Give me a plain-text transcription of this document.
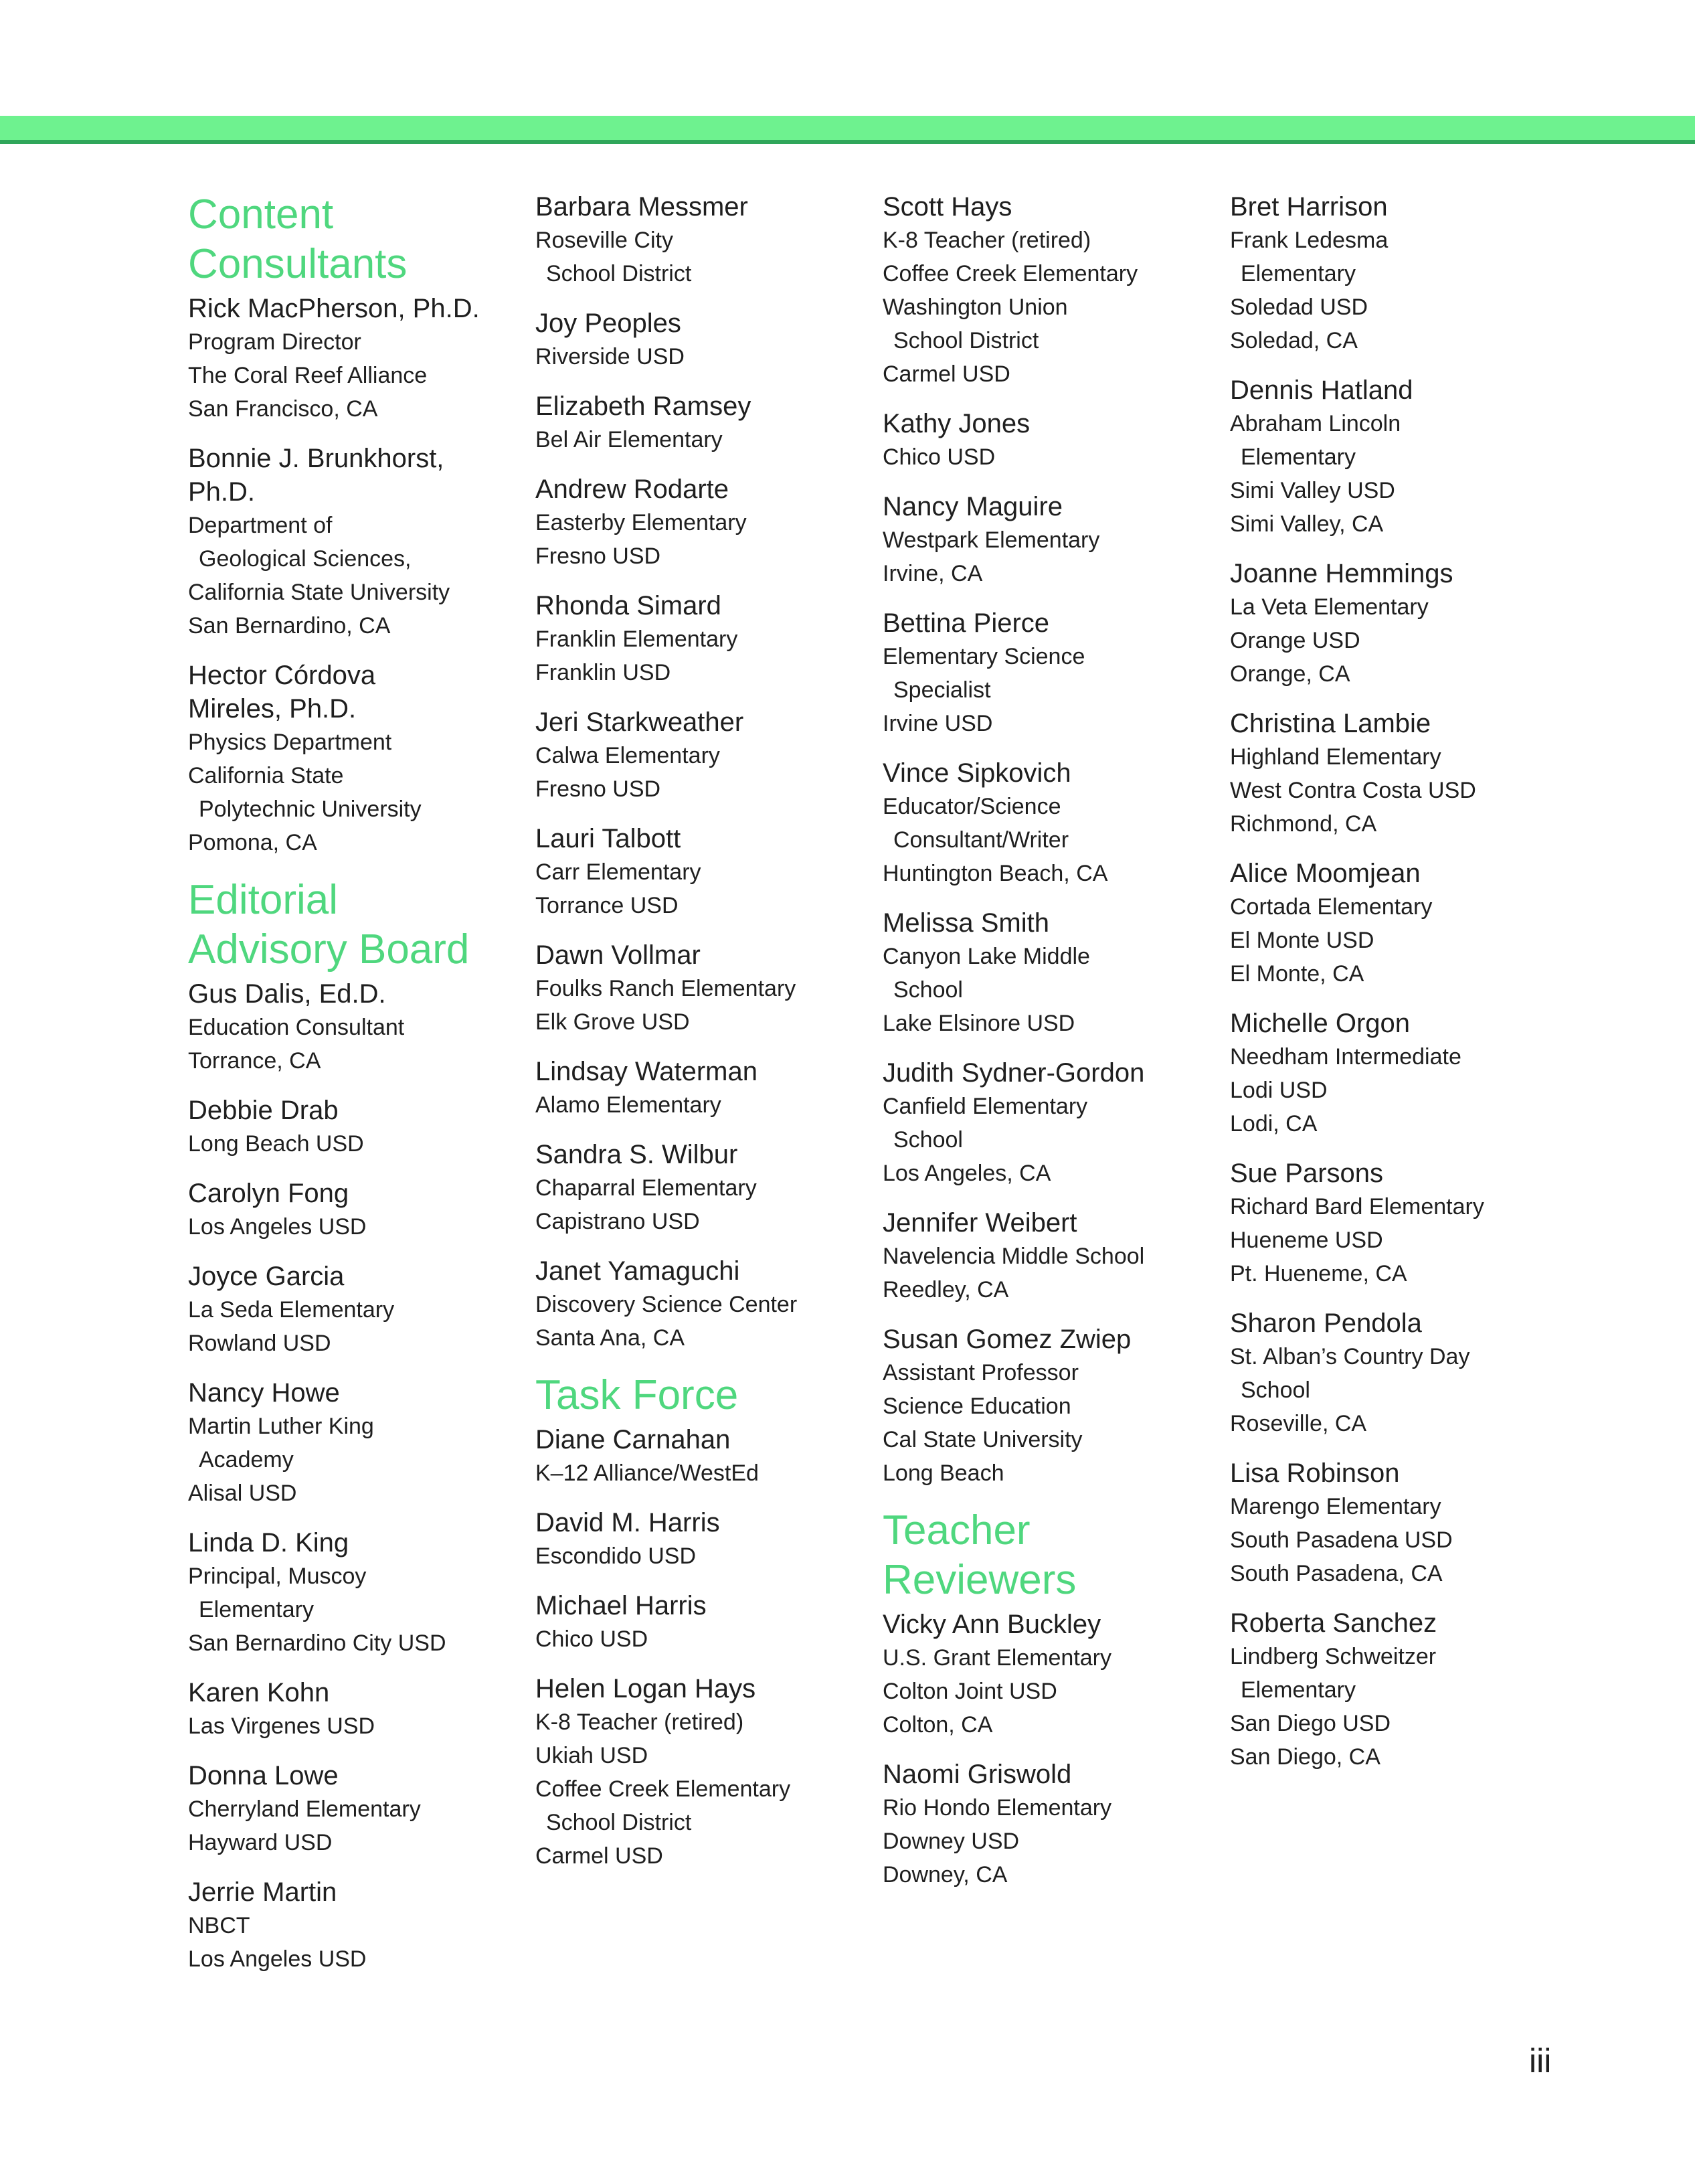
Content
Consultants
Rick MacPherson, Ph.D.
Program Director
The Coral Reef Alliance
San Francisco, CA
Bonnie J. Brunkhorst,
Ph.D.
Department of
Geological Sciences,
California State University
San Bernardino, CA
Hector Córdova
Mireles, Ph.D.
Physics Department
California State
Polytechnic University
Pomona, CA
Editorial
Advisory Board
Gus Dalis, Ed.D.
Education Consultant
Torrance, CA
Debbie Drab
Long Beach USD
Carolyn Fong
Los Angeles USD
Joyce Garcia
La Seda Elementary
Rowland USD
Nancy Howe
Martin Luther King
Academy
Alisal USD
Linda D. King
Principal, Muscoy
Elementary
San Bernardino City USD
Karen Kohn
Las Virgenes USD
Donna Lowe
Cherryland Elementary
Hayward USD
Jerrie Martin
NBCT
Los Angeles USD
Barbara Messmer
Roseville City
School District
Joy Peoples
Riverside USD
Elizabeth Ramsey
Bel Air Elementary
Andrew Rodarte
Easterby Elementary
Fresno USD
Rhonda Simard
Franklin Elementary
Franklin USD
Jeri Starkweather
Calwa Elementary
Fresno USD
Lauri Talbott
Carr Elementary
Torrance USD
Dawn Vollmar
Foulks Ranch Elementary
Elk Grove USD
Lindsay Waterman
Alamo Elementary
Sandra S. Wilbur
Chaparral Elementary
Capistrano USD
Janet Yamaguchi
Discovery Science Center
Santa Ana, CA
Task Force
Diane Carnahan
K–12 Alliance/WestEd
David M. Harris
Escondido USD
Michael Harris
Chico USD
Helen Logan Hays
K-8 Teacher (retired)
Ukiah USD
Coffee Creek Elementary
School District
Carmel USD
Scott Hays
K-8 Teacher (retired)
Coffee Creek Elementary
Washington Union
School District
Carmel USD
Kathy Jones
Chico USD
Nancy Maguire
Westpark Elementary
Irvine, CA
Bettina Pierce
Elementary Science
Specialist
Irvine USD
Vince Sipkovich
Educator/Science
Consultant/Writer
Huntington Beach, CA
Melissa Smith
Canyon Lake Middle
School
Lake Elsinore USD
Judith Sydner-Gordon
Canfield Elementary
School
Los Angeles, CA
Jennifer Weibert
Navelencia Middle School
Reedley, CA
Susan Gomez Zwiep
Assistant Professor
Science Education
Cal State University
Long Beach
Teacher
Reviewers
Vicky Ann Buckley
U.S. Grant Elementary
Colton Joint USD
Colton, CA
Naomi Griswold
Rio Hondo Elementary
Downey USD
Downey, CA
Bret Harrison
Frank Ledesma
Elementary
Soledad USD
Soledad, CA
Dennis Hatland
Abraham Lincoln
Elementary
Simi Valley USD
Simi Valley, CA
Joanne Hemmings
La Veta Elementary
Orange USD
Orange, CA
Christina Lambie
Highland Elementary
West Contra Costa USD
Richmond, CA
Alice Moomjean
Cortada Elementary
El Monte USD
El Monte, CA
Michelle Orgon
Needham Intermediate
Lodi USD
Lodi, CA
Sue Parsons
Richard Bard Elementary
Hueneme USD
Pt. Hueneme, CA
Sharon Pendola
St. Alban’s Country Day
School
Roseville, CA
Lisa Robinson
Marengo Elementary
South Pasadena USD
South Pasadena, CA
Roberta Sanchez
Lindberg Schweitzer
Elementary
San Diego USD
San Diego, CA
iii
